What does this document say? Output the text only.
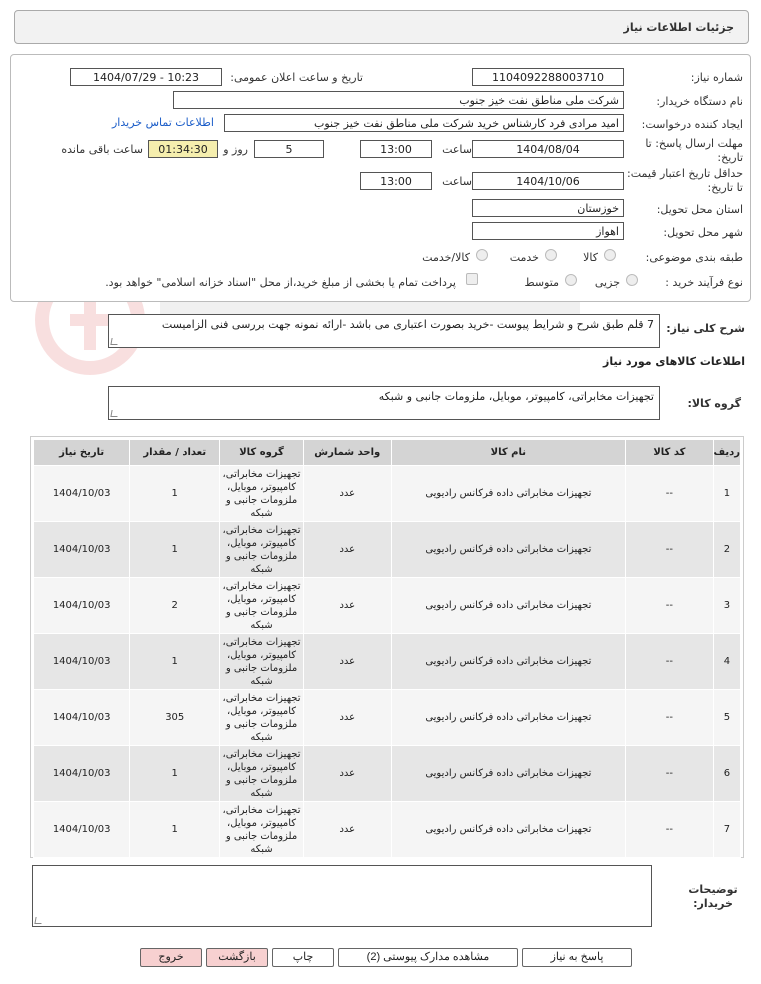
جزئیات اطلاعات نیاز
شماره نیاز:
1104092288003710
تاریخ و ساعت اعلان عمومی:
1404/07/29 - 10:23
نام دستگاه خریدار:
شرکت ملی مناطق نفت خیز جنوب
ایجاد کننده درخواست:
امید مرادی فرد کارشناس خرید شرکت ملی مناطق نفت خیز جنوب
اطلاعات تماس خریدار
مهلت ارسال پاسخ: تا تاریخ:
1404/08/04
ساعت
13:00
5
روز و
01:34:30
ساعت باقی مانده
حداقل تاریخ اعتبار قیمت: تا تاریخ:
1404/10/06
ساعت
13:00
استان محل تحویل:
خوزستان
شهر محل تحویل:
اهواز
طبقه بندی موضوعی:
کالا
خدمت
کالا/خدمت
نوع فرآیند خرید :
جزیی
متوسط
پرداخت تمام یا بخشی از مبلغ خرید،از محل "اسناد خزانه اسلامی" خواهد بود.
شرح کلی نیاز:
7 قلم طبق شرح و شرایط پیوست -خرید بصورت اعتباری می باشد -ارائه نمونه جهت بررسی فنی الزامیست
اطلاعات کالاهای مورد نیاز
گروه کالا:
تجهیزات مخابراتی، کامپیوتر، موبایل، ملزومات جانبی و شبکه
ردیف	کد کالا	نام کالا	واحد شمارش	گروه کالا	تعداد / مقدار	تاریخ نیاز
1	--	تجهیزات مخابراتی داده فرکانس رادیویی	عدد	تجهیزات مخابراتی، کامپیوتر، موبایل، ملزومات جانبی و شبکه	1	1404/10/03
2	--	تجهیزات مخابراتی داده فرکانس رادیویی	عدد	تجهیزات مخابراتی، کامپیوتر، موبایل، ملزومات جانبی و شبکه	1	1404/10/03
3	--	تجهیزات مخابراتی داده فرکانس رادیویی	عدد	تجهیزات مخابراتی، کامپیوتر، موبایل، ملزومات جانبی و شبکه	2	1404/10/03
4	--	تجهیزات مخابراتی داده فرکانس رادیویی	عدد	تجهیزات مخابراتی، کامپیوتر، موبایل، ملزومات جانبی و شبکه	1	1404/10/03
5	--	تجهیزات مخابراتی داده فرکانس رادیویی	عدد	تجهیزات مخابراتی، کامپیوتر، موبایل، ملزومات جانبی و شبکه	305	1404/10/03
6	--	تجهیزات مخابراتی داده فرکانس رادیویی	عدد	تجهیزات مخابراتی، کامپیوتر، موبایل، ملزومات جانبی و شبکه	1	1404/10/03
7	--	تجهیزات مخابراتی داده فرکانس رادیویی	عدد	تجهیزات مخابراتی، کامپیوتر، موبایل، ملزومات جانبی و شبکه	1	1404/10/03
توضیحات خریدار:
پاسخ به نیاز
مشاهده مدارک پیوستی (2)
چاپ
بازگشت
خروج
